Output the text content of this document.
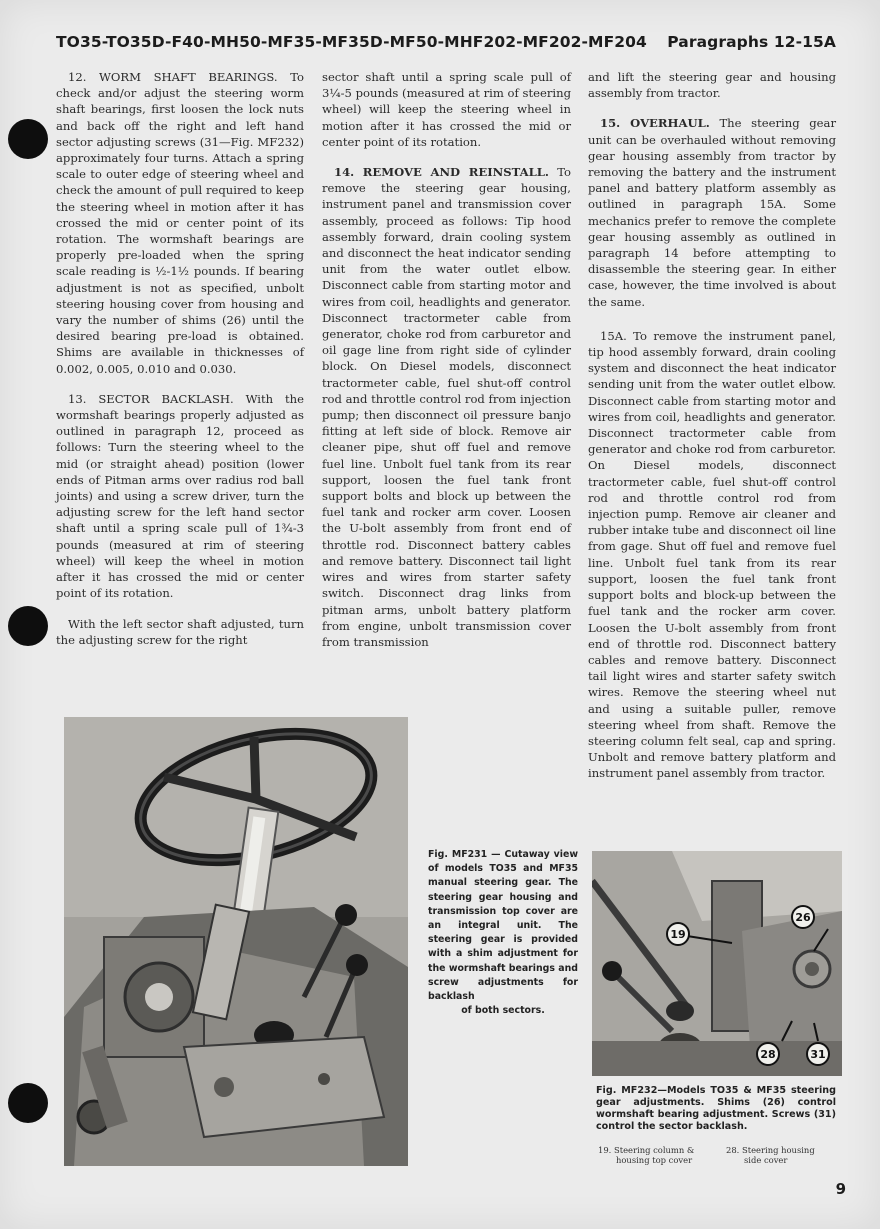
TO35-TO35D-F40-MH50-MF35-MF35D-MF50-MHF202-MF202-MF204 Paragraphs 12-15A

12. WORM SHAFT BEARINGS. To check and/or adjust the steering worm shaft bearings, first loosen the lock nuts and back off the right and left hand sector adjusting screws (31—Fig. MF232) approximately four turns. Attach a spring scale to outer edge of steering wheel and check the amount of pull required to keep the steering wheel in motion after it has crossed the mid or center point of its rotation. The wormshaft bearings are properly pre-loaded when the spring scale reading is ½-1½ pounds. If bearing adjustment is not as specified, unbolt steering housing cover from housing and vary the number of shims (26) until the desired bearing pre-load is obtained. Shims are available in thicknesses of 0.002, 0.005, 0.010 and 0.030.

13. SECTOR BACKLASH. With the wormshaft bearings properly adjusted as outlined in paragraph 12, proceed as follows: Turn the steering wheel to the mid (or straight ahead) position (lower ends of Pitman arms over radius rod ball joints) and using a screw driver, turn the adjusting screw for the left hand sector shaft until a spring scale pull of 1¾-3 pounds (measured at rim of steering wheel) will keep the wheel in motion after it has crossed the mid or center point of its rotation.

With the left sector shaft adjusted, turn the adjusting screw for the right

sector shaft until a spring scale pull of 3¼-5 pounds (measured at rim of steering wheel) will keep the steering wheel in motion after it has crossed the mid or center point of its rotation.

14. REMOVE AND REINSTALL. To remove the steering gear housing, instrument panel and transmission cover assembly, proceed as follows: Tip hood assembly forward, drain cooling system and disconnect the heat indicator sending unit from the water outlet elbow. Disconnect cable from starting motor and wires from coil, headlights and generator. Disconnect tractormeter cable from generator, choke rod from carburetor and oil gage line from right side of cylinder block. On Diesel models, disconnect tractormeter cable, fuel shut-off control rod and throttle control rod from injection pump; then disconnect oil pressure banjo fitting at left side of block. Remove air cleaner pipe, shut off fuel and remove fuel line. Unbolt fuel tank from its rear support, loosen the fuel tank front support bolts and block up between the fuel tank and rocker arm cover. Loosen the U-bolt assembly from front end of throttle rod. Disconnect battery cables and remove battery. Disconnect tail light wires and wires from starter safety switch. Disconnect drag links from pitman arms, unbolt battery platform from engine, unbolt transmission cover from transmission

and lift the steering gear and housing assembly from tractor.

15. OVERHAUL. The steering gear unit can be overhauled without removing gear housing assembly from tractor by removing the battery and the instrument panel and battery platform assembly as outlined in paragraph 15A. Some mechanics prefer to remove the complete gear housing assembly as outlined in paragraph 14 before attempting to disassemble the steering gear. In either case, however, the time involved is about the same.

15A. To remove the instrument panel, tip hood assembly forward, drain cooling system and disconnect the heat indicator sending unit from the water outlet elbow. Disconnect cable from starting motor and wires from coil, headlights and generator. Disconnect tractormeter cable from generator and choke rod from carburetor. On Diesel models, disconnect tractormeter cable, fuel shut-off control rod and throttle control rod from injection pump. Remove air cleaner and rubber intake tube and disconnect oil line from gage. Shut off fuel and remove fuel line. Unbolt fuel tank from its rear support, loosen the fuel tank front support bolts and block-up between the fuel tank and the rocker arm cover. Loosen the U-bolt assembly from front end of throttle rod. Disconnect battery cables and remove battery. Disconnect tail light wires and starter safety switch wires. Remove the steering wheel nut and using a suitable puller, remove steering wheel from shaft. Remove the steering column felt seal, cap and spring. Unbolt and remove battery platform and instrument panel assembly from tractor.

Fig. MF231 — Cutaway view of models TO35 and MF35 manual steering gear. The steering gear housing and transmission top cover are an integral unit. The steering gear is provided with a shim adjustment for the wormshaft bearings and screw adjustments for backlash
of both sectors.
19
26
28	31
Fig. MF232—Models TO35 & MF35 steering gear adjustments. Shims (26) control wormshaft bearing adjustment. Screws (31) control the sector backlash.
19. Steering column &
housing top cover
28. Steering housing
side cover
9
